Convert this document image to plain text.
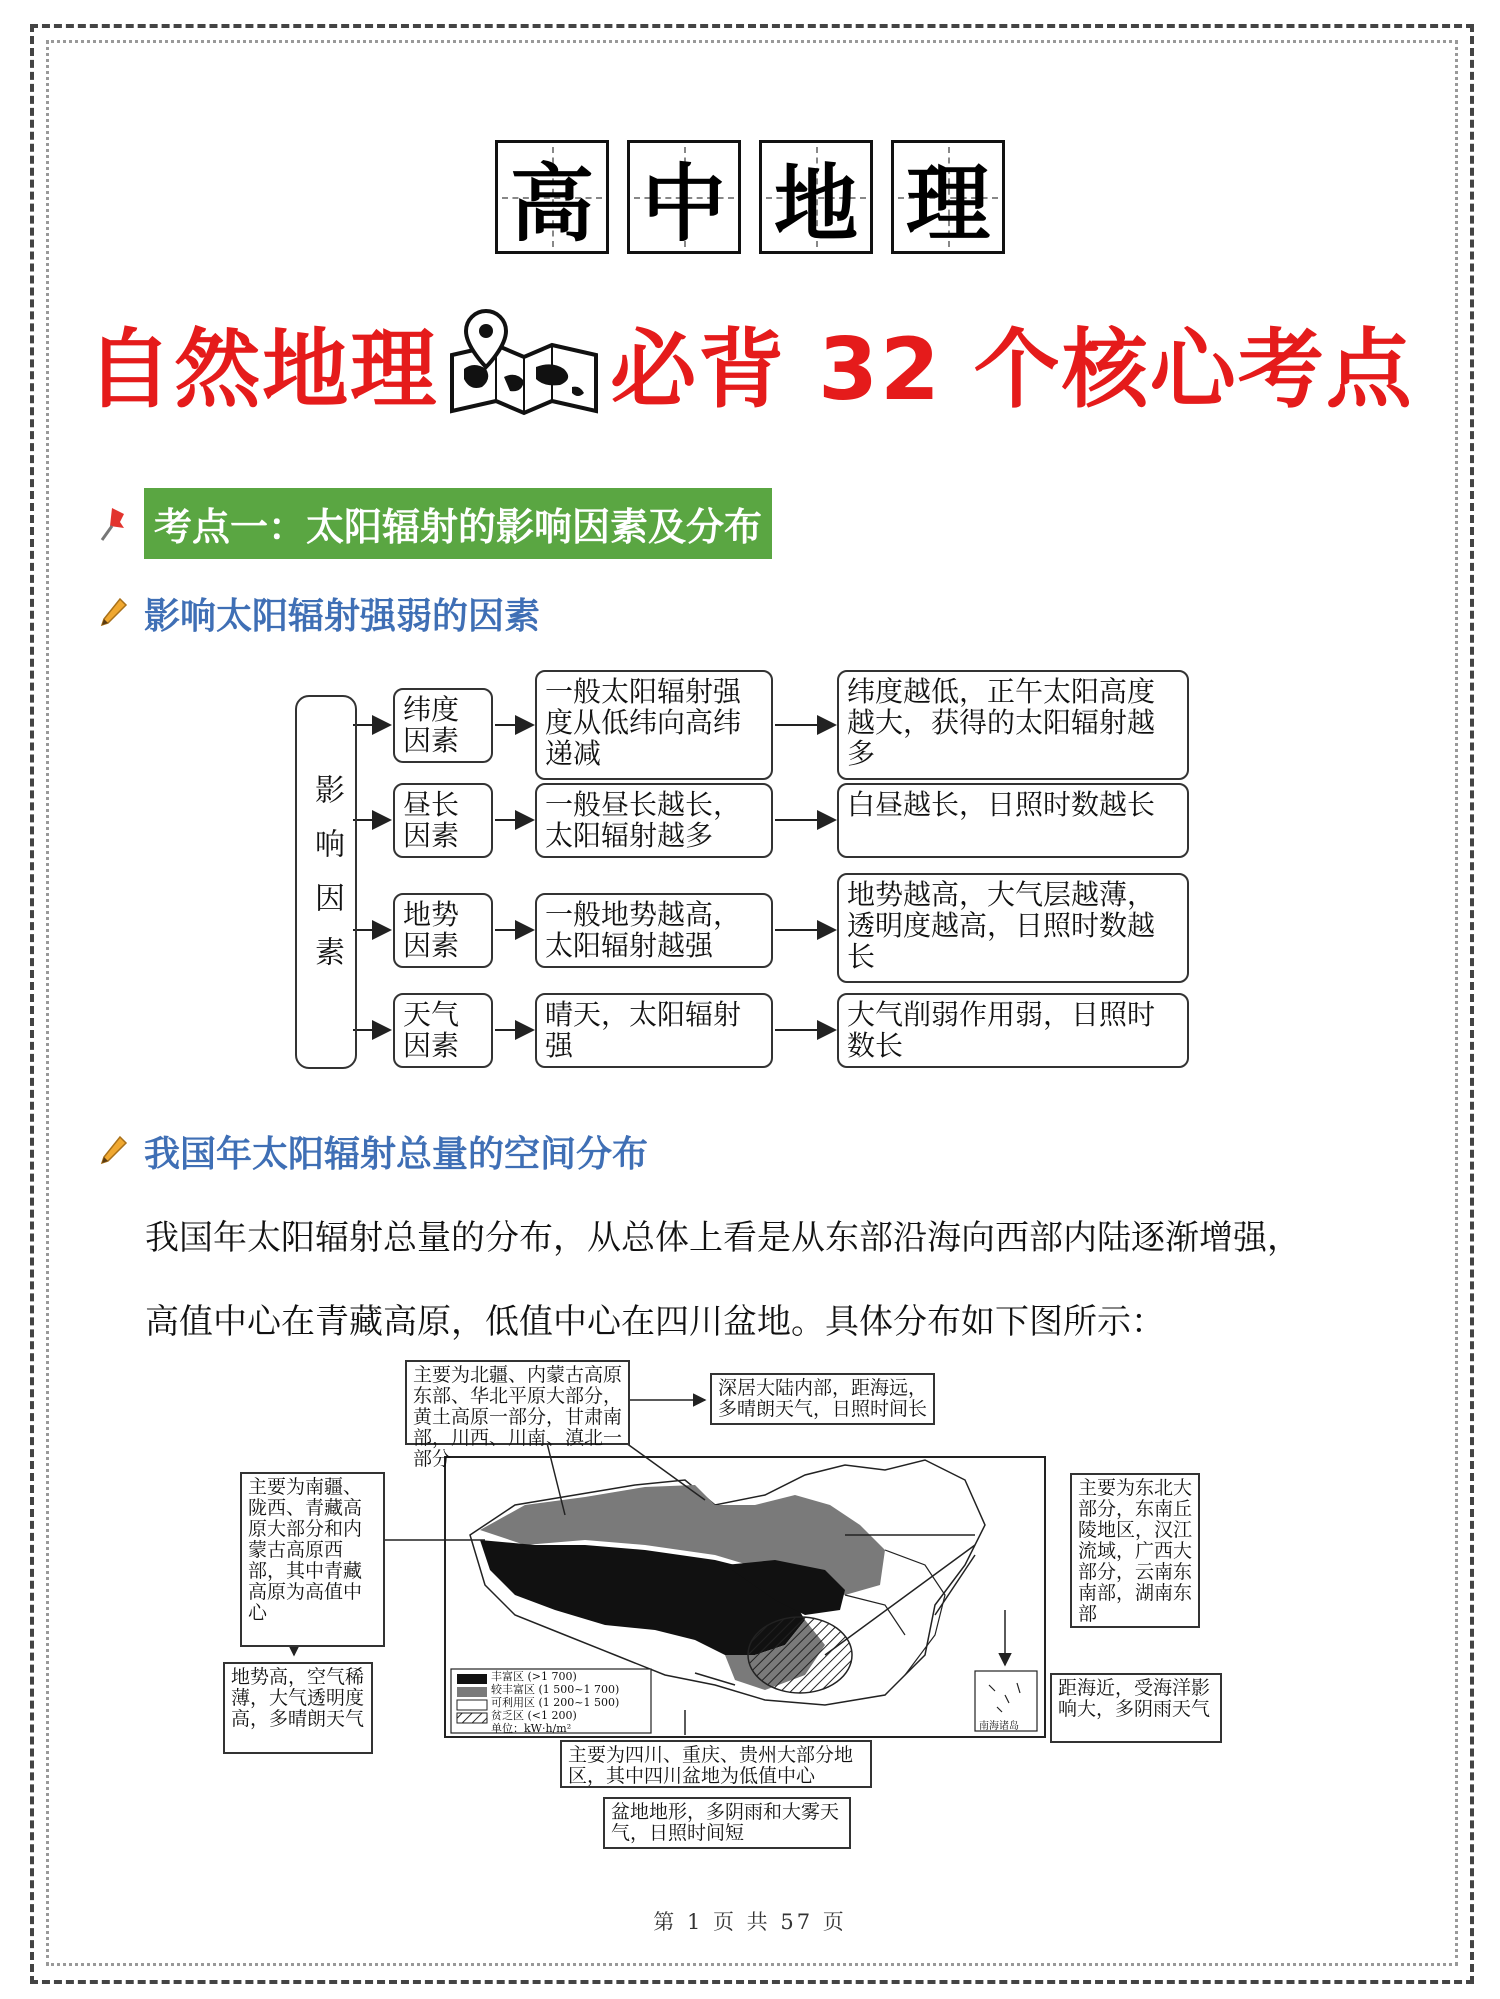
高 中 地 理
自然地理 必背 32 个核心考点
考点一：太阳辐射的影响因素及分布
影响太阳辐射强弱的因素
影响因素
纬度因素
一般太阳辐射强度从低纬向高纬递减
纬度越低，正午太阳高度越大，获得的太阳辐射越多
昼长因素
一般昼长越长，太阳辐射越多
白昼越长，日照时数越长
地势因素
一般地势越高，太阳辐射越强
地势越高，大气层越薄，透明度越高，日照时数越长
天气因素
晴天，太阳辐射强
大气削弱作用弱，日照时数长
我国年太阳辐射总量的空间分布
我国年太阳辐射总量的分布，从总体上看是从东部沿海向西部内陆逐渐增强，
高值中心在青藏高原，低值中心在四川盆地。具体分布如下图所示：
主要为北疆、内蒙古高原东部、华北平原大部分，黄土高原一部分，甘肃南部，川西、川南、滇北一部分
深居大陆内部，距海远，多晴朗天气，日照时间长
主要为南疆、陇西、青藏高原大部分和内蒙古高原西部，其中青藏高原为高值中心
地势高，空气稀薄，大气透明度高，多晴朗天气
主要为东北大部分，东南丘陵地区，汉江流域，广西大部分，云南东南部，湖南东部
距海近，受海洋影响大，多阴雨天气
主要为四川、重庆、贵州大部分地区，其中四川盆地为低值中心
盆地地形，多阴雨和大雾天气，日照时间短
丰富区 (>1 700)
较丰富区 (1 500~1 700)
可利用区 (1 200~1 500)
贫乏区 (<1 200)
单位：kW·h/m²	南海诸岛
第 1 页 共 57 页
